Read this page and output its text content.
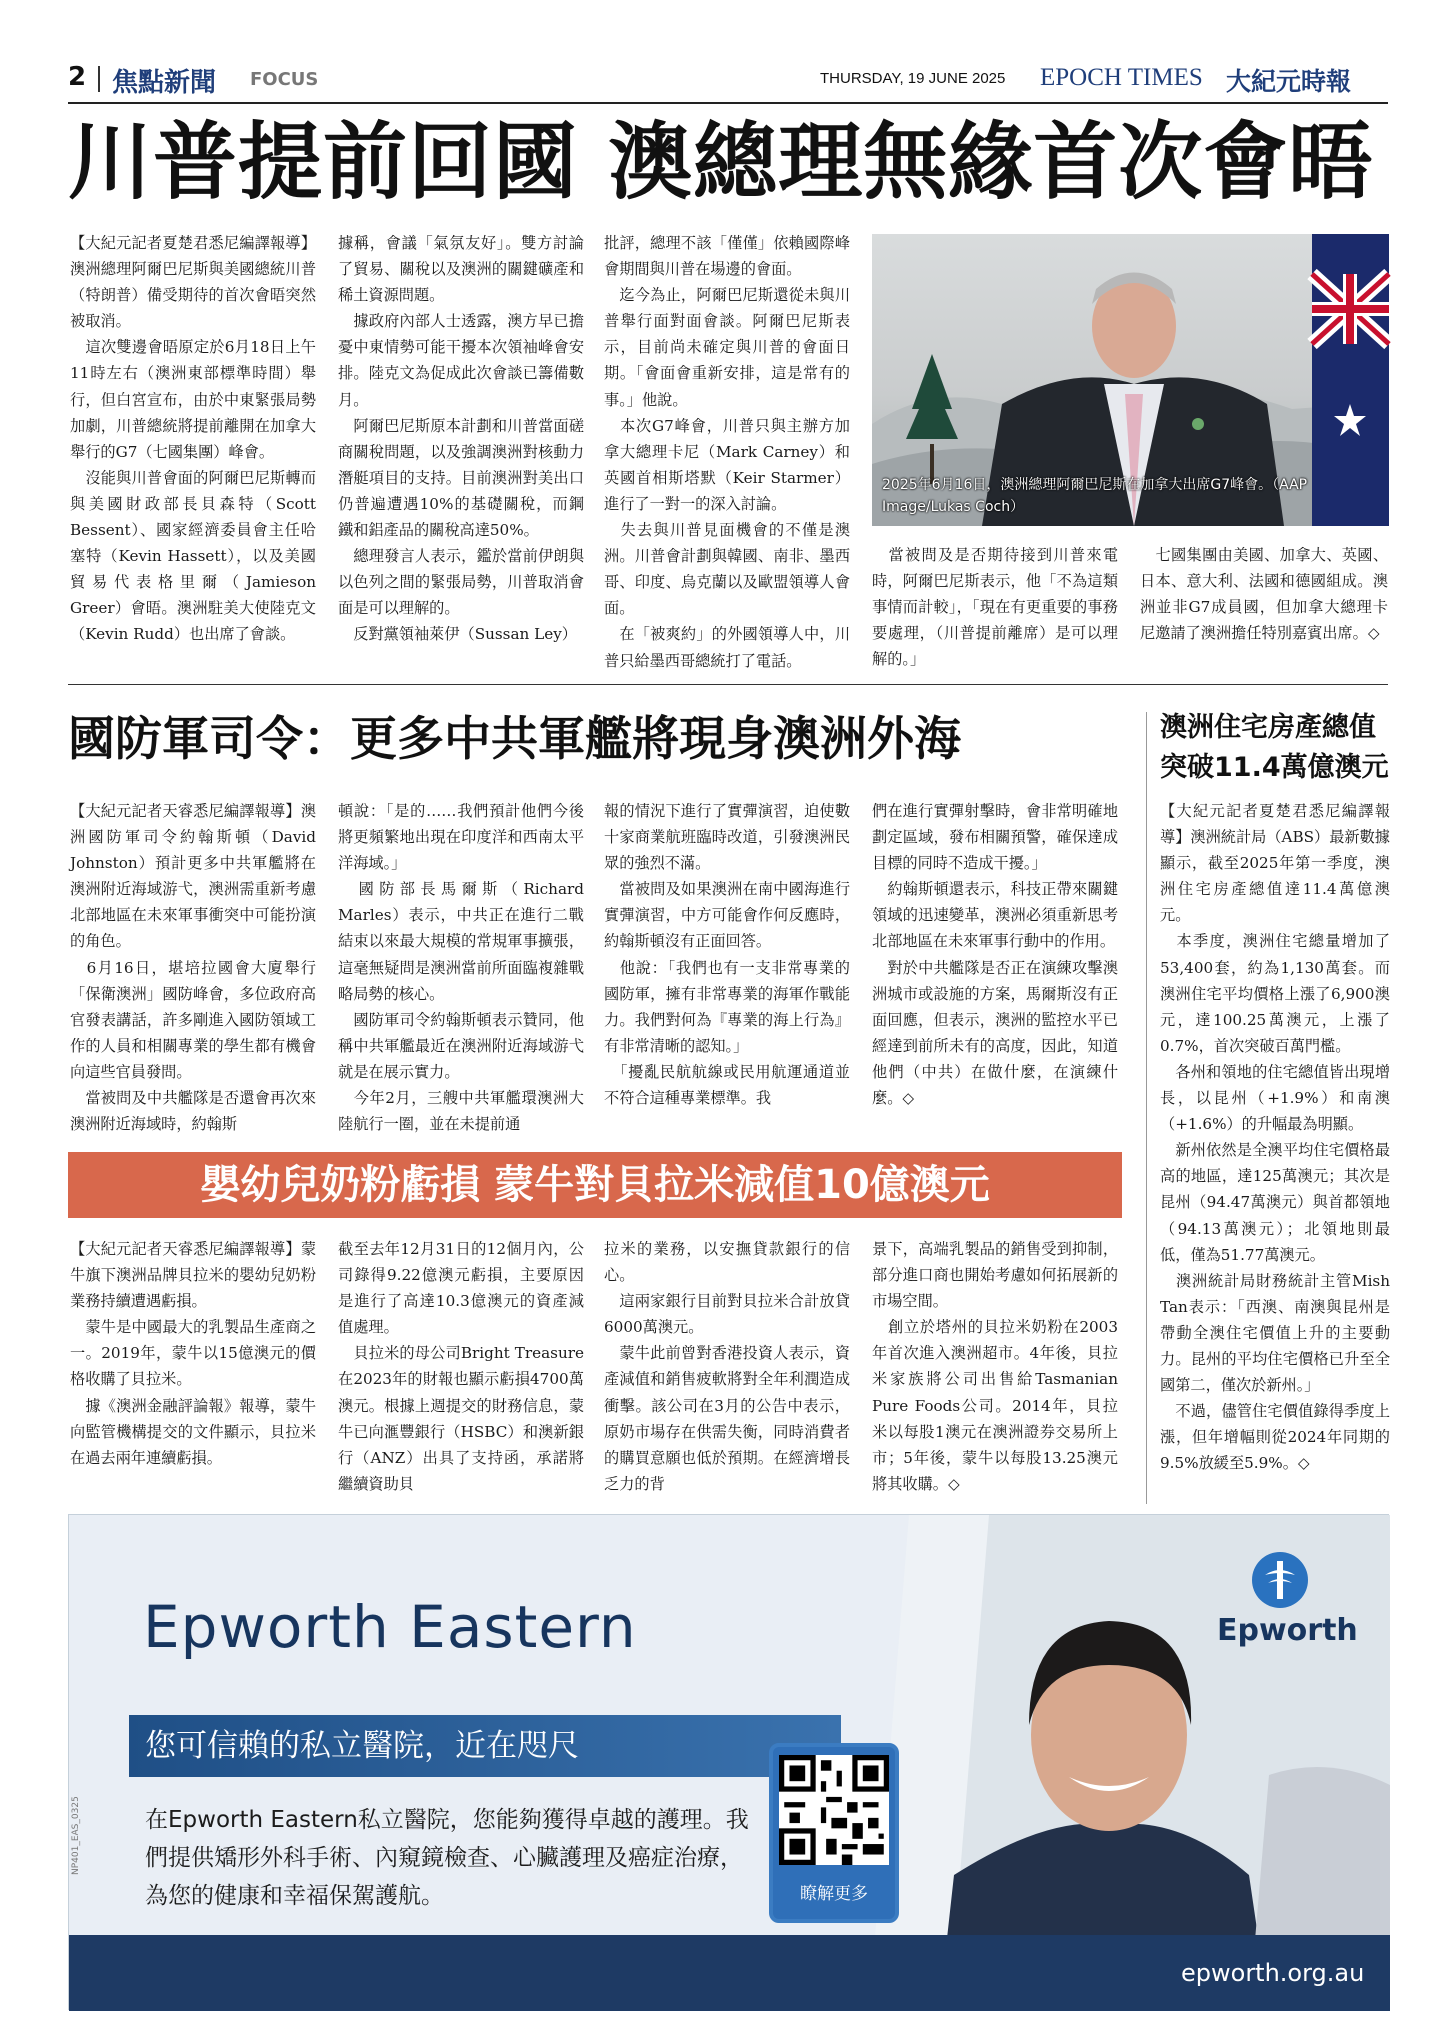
2 焦點新聞 FOCUS	THURSDAY, 19 JUNE 2025 EPOCH TIMES 大紀元時報
川普提前回國 澳總理無緣首次會晤
【大紀元記者夏楚君悉尼編譯報導】澳洲總理阿爾巴尼斯與美國總統川普（特朗普）備受期待的首次會晤突然被取消。
　這次雙邊會晤原定於6月18日上午11時左右（澳洲東部標準時間）舉行，但白宮宣布，由於中東緊張局勢加劇，川普總統將提前離開在加拿大舉行的G7（七國集團）峰會。
　沒能與川普會面的阿爾巴尼斯轉而與美國財政部長貝森特（Scott Bessent）、國家經濟委員會主任哈塞特（Kevin Hassett），以及美國貿易代表格里爾（Jamieson Greer）會晤。澳洲駐美大使陸克文（Kevin Rudd）也出席了會談。
據稱，會議「氣氛友好」。雙方討論了貿易、關稅以及澳洲的關鍵礦產和稀土資源問題。
　據政府內部人士透露，澳方早已擔憂中東情勢可能干擾本次領袖峰會安排。陸克文為促成此次會談已籌備數月。
　阿爾巴尼斯原本計劃和川普當面磋商關稅問題，以及強調澳洲對核動力潛艇項目的支持。目前澳洲對美出口仍普遍遭遇10%的基礎關稅，而鋼鐵和鋁產品的關稅高達50%。
　總理發言人表示，鑑於當前伊朗與以色列之間的緊張局勢，川普取消會面是可以理解的。
　反對黨領袖萊伊（Sussan Ley）
批評，總理不該「僅僅」依賴國際峰會期間與川普在場邊的會面。
　迄今為止，阿爾巴尼斯還從未與川普舉行面對面會談。阿爾巴尼斯表示，目前尚未確定與川普的會面日期。「會面會重新安排，這是常有的事。」他說。
　本次G7峰會，川普只與主辦方加拿大總理卡尼（Mark Carney）和英國首相斯塔默（Keir Starmer）進行了一對一的深入討論。
　失去與川普見面機會的不僅是澳洲。川普會計劃與韓國、南非、墨西哥、印度、烏克蘭以及歐盟領導人會面。
　在「被爽約」的外國領導人中，川普只給墨西哥總統打了電話。
2025年6月16日，澳洲總理阿爾巴尼斯在加拿大出席G7峰會。（AAP Image/Lukas Coch）
　當被問及是否期待接到川普來電時，阿爾巴尼斯表示，他「不為這類事情而計較」，「現在有更重要的事務要處理，（川普提前離席）是可以理解的。」
　七國集團由美國、加拿大、英國、日本、意大利、法國和德國組成。澳洲並非G7成員國，但加拿大總理卡尼邀請了澳洲擔任特別嘉賓出席。◇
國防軍司令：更多中共軍艦將現身澳洲外海
【大紀元記者天睿悉尼編譯報導】澳洲國防軍司令約翰斯頓（David Johnston）預計更多中共軍艦將在澳洲附近海域游弋，澳洲需重新考慮北部地區在未來軍事衝突中可能扮演的角色。
　6月16日，堪培拉國會大廈舉行「保衛澳洲」國防峰會，多位政府高官發表講話，許多剛進入國防領域工作的人員和相關專業的學生都有機會向這些官員發問。
　當被問及中共艦隊是否還會再次來澳洲附近海域時，約翰斯
頓說：「是的……我們預計他們今後將更頻繁地出現在印度洋和西南太平洋海域。」
　國防部長馬爾斯（Richard Marles）表示，中共正在進行二戰結束以來最大規模的常規軍事擴張，這毫無疑問是澳洲當前所面臨複雜戰略局勢的核心。
　國防軍司令約翰斯頓表示贊同，他稱中共軍艦最近在澳洲附近海域游弋就是在展示實力。
　今年2月，三艘中共軍艦環澳洲大陸航行一圈，並在未提前通
報的情況下進行了實彈演習，迫使數十家商業航班臨時改道，引發澳洲民眾的強烈不滿。
　當被問及如果澳洲在南中國海進行實彈演習，中方可能會作何反應時，約翰斯頓沒有正面回答。
　他說：「我們也有一支非常專業的國防軍，擁有非常專業的海軍作戰能力。我們對何為『專業的海上行為』有非常清晰的認知。」
　「擾亂民航航線或民用航運通道並不符合這種專業標準。我
們在進行實彈射擊時，會非常明確地劃定區域，發布相關預警，確保達成目標的同時不造成干擾。」
　約翰斯頓還表示，科技正帶來關鍵領域的迅速變革，澳洲必須重新思考北部地區在未來軍事行動中的作用。
　對於中共艦隊是否正在演練攻擊澳洲城市或設施的方案，馬爾斯沒有正面回應，但表示，澳洲的監控水平已經達到前所未有的高度，因此，知道他們（中共）在做什麼，在演練什麼。◇
澳洲住宅房產總值突破11.4萬億澳元
【大紀元記者夏楚君悉尼編譯報導】澳洲統計局（ABS）最新數據顯示，截至2025年第一季度，澳洲住宅房產總值達11.4萬億澳元。
　本季度，澳洲住宅總量增加了53,400套，約為1,130萬套。而澳洲住宅平均價格上漲了6,900澳元，達100.25萬澳元，上漲了0.7%，首次突破百萬門檻。
　各州和領地的住宅總值皆出現增長，以昆州（+1.9%）和南澳（+1.6%）的升幅最為明顯。
　新州依然是全澳平均住宅價格最高的地區，達125萬澳元；其次是昆州（94.47萬澳元）與首都領地（94.13萬澳元）；北領地則最低，僅為51.77萬澳元。
　澳洲統計局財務統計主管Mish Tan表示：「西澳、南澳與昆州是帶動全澳住宅價值上升的主要動力。昆州的平均住宅價格已升至全國第二，僅次於新州。」
　不過，儘管住宅價值錄得季度上漲，但年增幅則從2024年同期的9.5%放緩至5.9%。◇
嬰幼兒奶粉虧損 蒙牛對貝拉米減值10億澳元
【大紀元記者天睿悉尼編譯報導】蒙牛旗下澳洲品牌貝拉米的嬰幼兒奶粉業務持續遭遇虧損。
　蒙牛是中國最大的乳製品生產商之一。2019年，蒙牛以15億澳元的價格收購了貝拉米。
　據《澳洲金融評論報》報導，蒙牛向監管機構提交的文件顯示，貝拉米在過去兩年連續虧損。
截至去年12月31日的12個月內，公司錄得9.22億澳元虧損，主要原因是進行了高達10.3億澳元的資產減值處理。
　貝拉米的母公司Bright Treasure在2023年的財報也顯示虧損4700萬澳元。根據上週提交的財務信息，蒙牛已向滙豐銀行（HSBC）和澳新銀行（ANZ）出具了支持函，承諾將繼續資助貝
拉米的業務，以安撫貸款銀行的信心。
　這兩家銀行目前對貝拉米合計放貸6000萬澳元。
　蒙牛此前曾對香港投資人表示，資產減值和銷售疲軟將對全年利潤造成衝擊。該公司在3月的公告中表示，原奶市場存在供需失衡，同時消費者的購買意願也低於預期。在經濟增長乏力的背
景下，高端乳製品的銷售受到抑制，部分進口商也開始考慮如何拓展新的市場空間。
　創立於塔州的貝拉米奶粉在2003年首次進入澳洲超市。4年後，貝拉米家族將公司出售給Tasmanian Pure Foods公司。2014年，貝拉米以每股1澳元在澳洲證券交易所上市；5年後，蒙牛以每股13.25澳元將其收購。◇
Epworth Eastern
您可信賴的私立醫院，近在咫尺
在Epworth Eastern私立醫院，您能夠獲得卓越的護理。我們提供矯形外科手術、內窺鏡檢查、心臟護理及癌症治療，為您的健康和幸福保駕護航。
NP401_EAS_0325
瞭解更多
Epworth
epworth.org.au
